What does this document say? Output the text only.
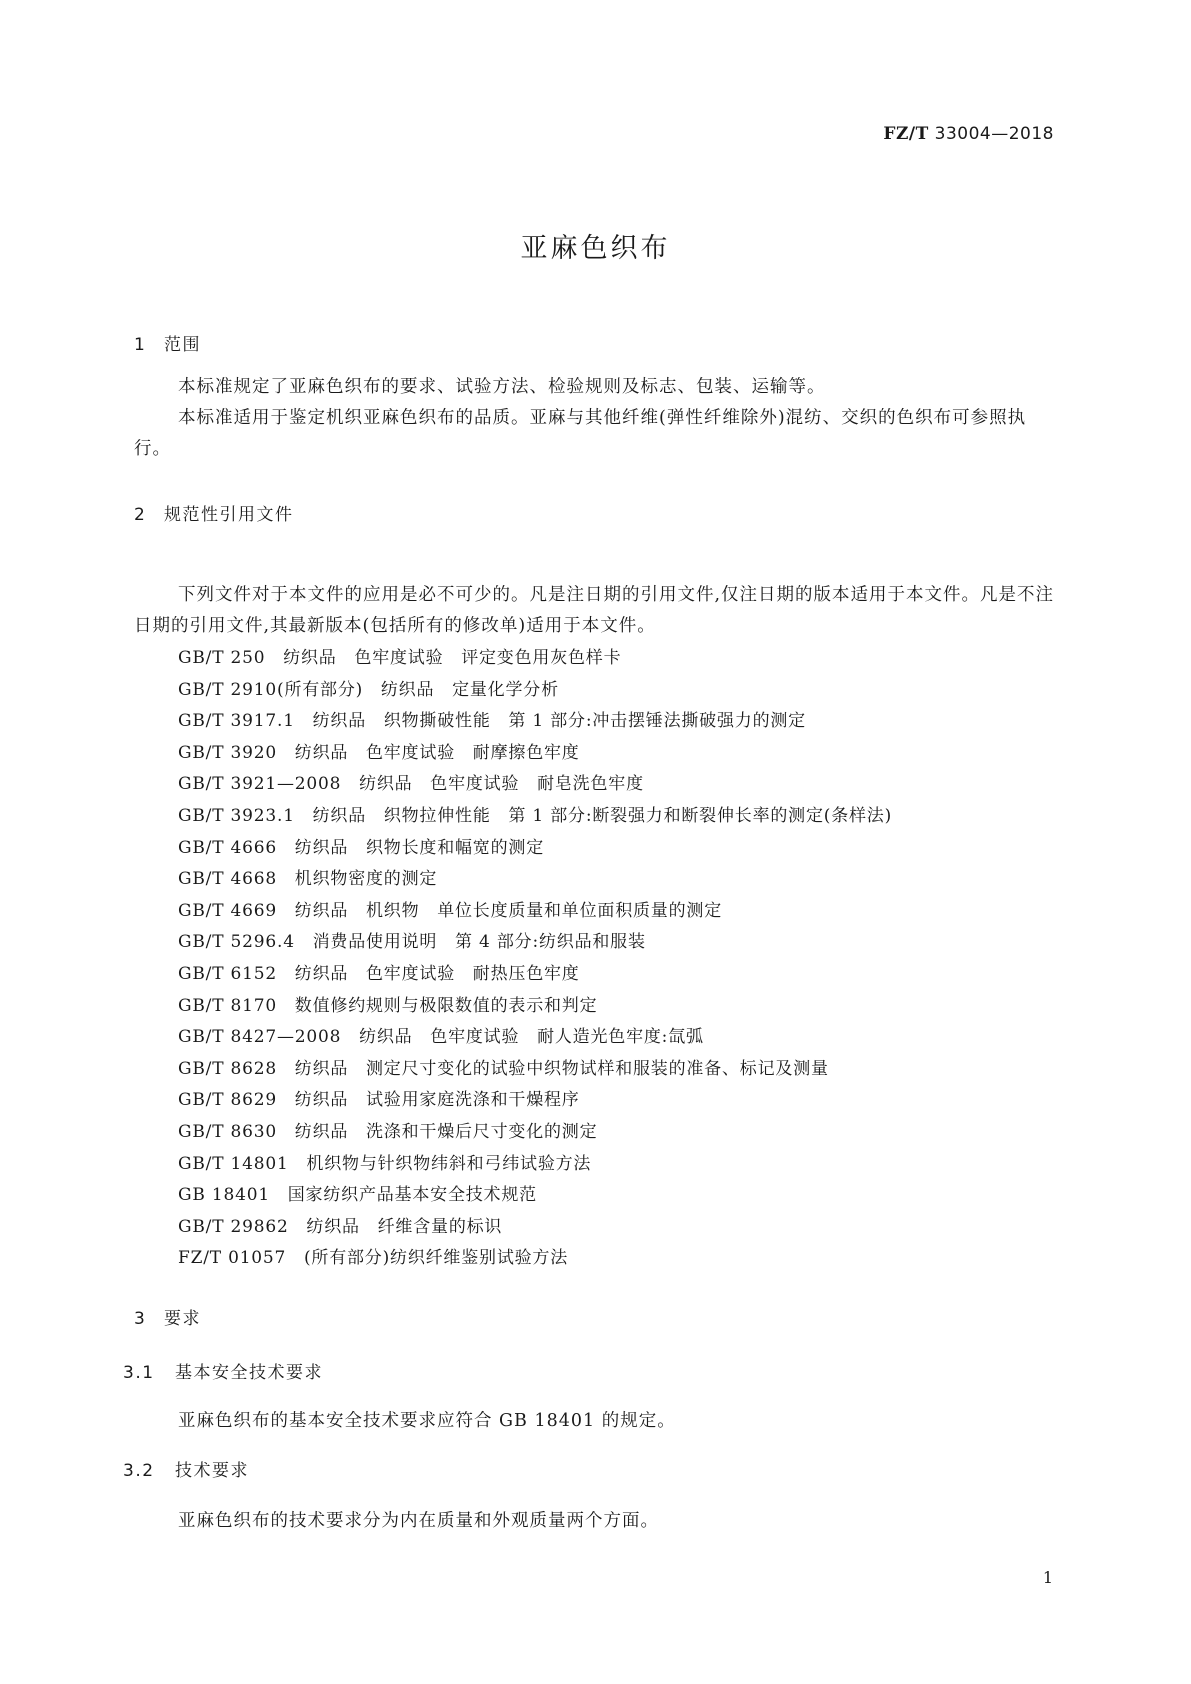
FZ/T 33004—2018
亚麻色织布
1 范围

本标准规定了亚麻色织布的要求、试验方法、检验规则及标志、包装、运输等。

本标准适用于鉴定机织亚麻色织布的品质。亚麻与其他纤维(弹性纤维除外)混纺、交织的色织布可参照执行。

2 规范性引用文件

下列文件对于本文件的应用是必不可少的。凡是注日期的引用文件,仅注日期的版本适用于本文件。凡是不注日期的引用文件,其最新版本(包括所有的修改单)适用于本文件。

GB/T 250　纺织品　色牢度试验　评定变色用灰色样卡
GB/T 2910(所有部分)　纺织品　定量化学分析
GB/T 3917.1　纺织品　织物撕破性能　第 1 部分:冲击摆锤法撕破强力的测定
GB/T 3920　纺织品　色牢度试验　耐摩擦色牢度
GB/T 3921—2008　纺织品　色牢度试验　耐皂洗色牢度
GB/T 3923.1　纺织品　织物拉伸性能　第 1 部分:断裂强力和断裂伸长率的测定(条样法)
GB/T 4666　纺织品　织物长度和幅宽的测定
GB/T 4668　机织物密度的测定
GB/T 4669　纺织品　机织物　单位长度质量和单位面积质量的测定
GB/T 5296.4　消费品使用说明　第 4 部分:纺织品和服装
GB/T 6152　纺织品　色牢度试验　耐热压色牢度
GB/T 8170　数值修约规则与极限数值的表示和判定
GB/T 8427—2008　纺织品　色牢度试验　耐人造光色牢度:氙弧
GB/T 8628　纺织品　测定尺寸变化的试验中织物试样和服装的准备、标记及测量
GB/T 8629　纺织品　试验用家庭洗涤和干燥程序
GB/T 8630　纺织品　洗涤和干燥后尺寸变化的测定
GB/T 14801　机织物与针织物纬斜和弓纬试验方法
GB 18401　国家纺织产品基本安全技术规范
GB/T 29862　纺织品　纤维含量的标识
FZ/T 01057　(所有部分)纺织纤维鉴别试验方法
3 要求
3.1 基本安全技术要求

亚麻色织布的基本安全技术要求应符合 GB 18401 的规定。

3.2 技术要求

亚麻色织布的技术要求分为内在质量和外观质量两个方面。

1
